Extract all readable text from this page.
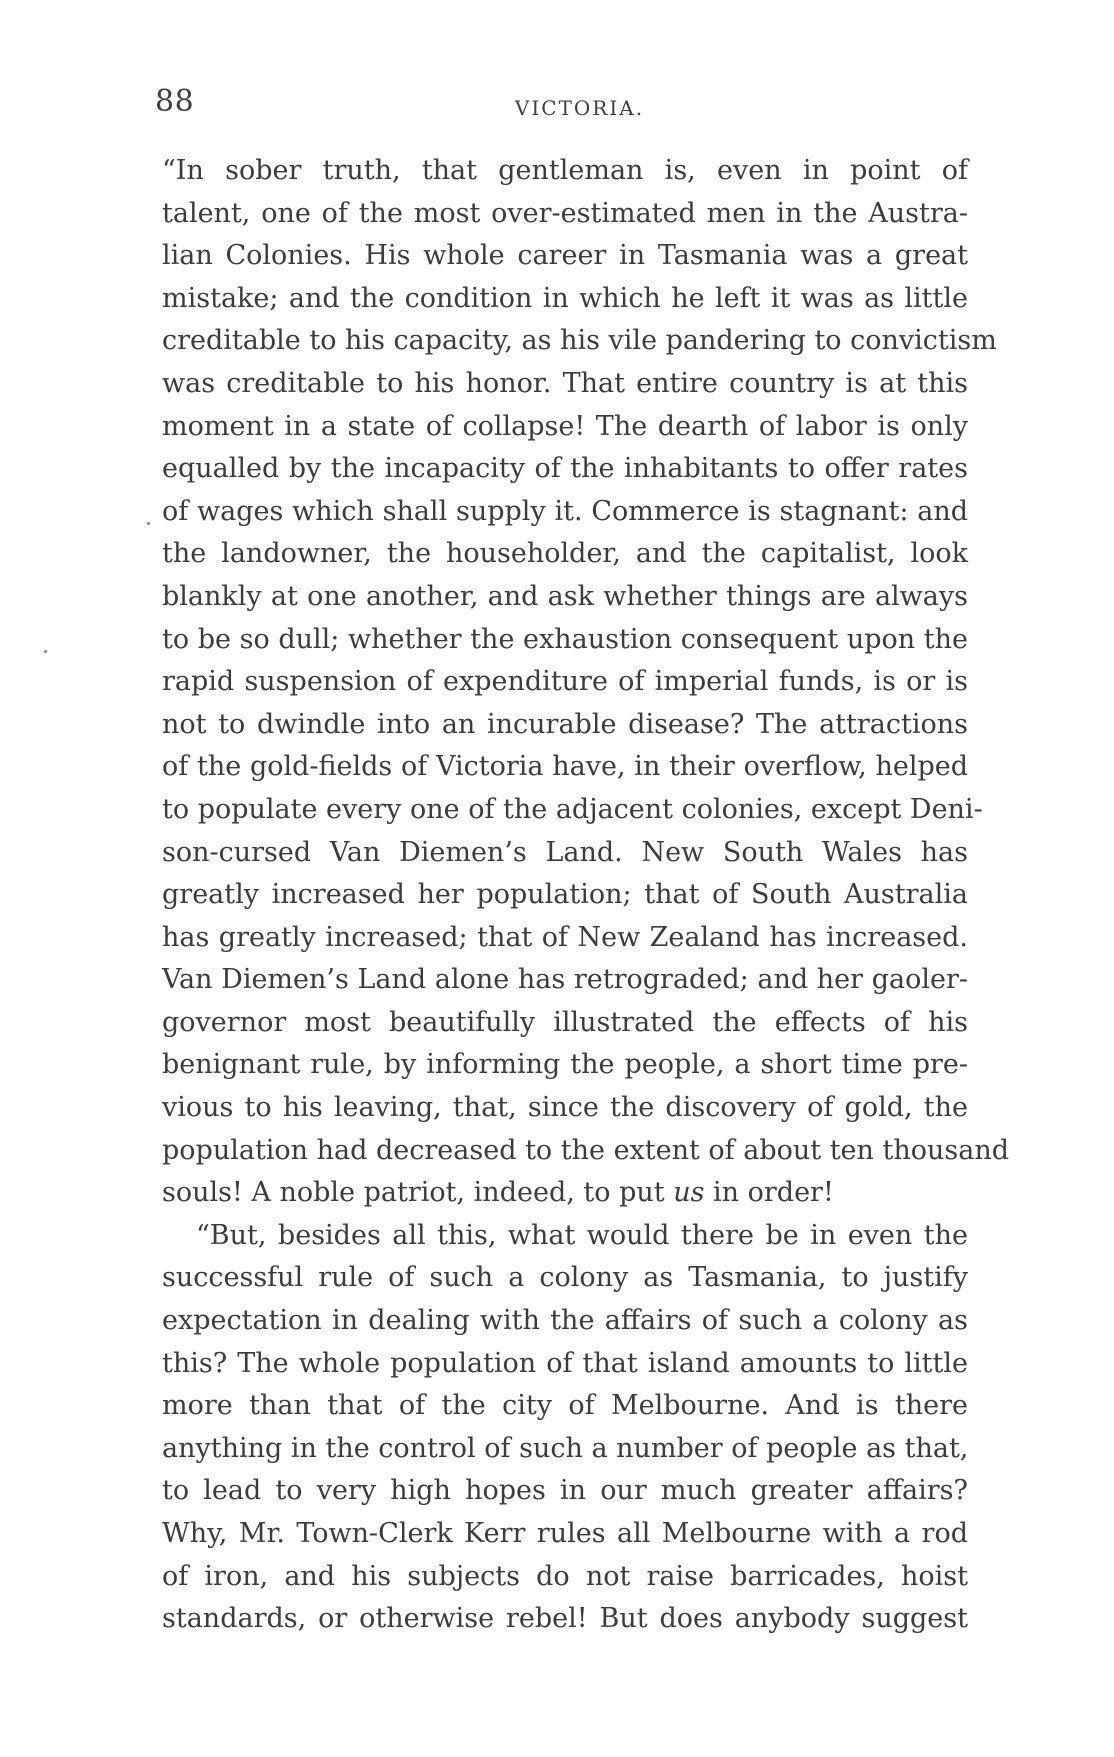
88	VICTORIA.
“In sober truth, that gentleman is, even in point of
talent, one of the most over-estimated men in the Austra-
lian Colonies. His whole career in Tasmania was a great
mistake; and the condition in which he left it was as little
creditable to his capacity, as his vile pandering to convictism
was creditable to his honor. That entire country is at this
moment in a state of collapse! The dearth of labor is only
equalled by the incapacity of the inhabitants to offer rates
of wages which shall supply it. Commerce is stagnant: and
the landowner, the householder, and the capitalist, look
blankly at one another, and ask whether things are always
to be so dull; whether the exhaustion consequent upon the
rapid suspension of expenditure of imperial funds, is or is
not to dwindle into an incurable disease? The attractions
of the gold-fields of Victoria have, in their overflow, helped
to populate every one of the adjacent colonies, except Deni-
son-cursed Van Diemen’s Land. New South Wales has
greatly increased her population; that of South Australia
has greatly increased; that of New Zealand has increased.
Van Diemen’s Land alone has retrograded; and her gaoler-
governor most beautifully illustrated the effects of his
benignant rule, by informing the people, a short time pre-
vious to his leaving, that, since the discovery of gold, the
population had decreased to the extent of about ten thousand
souls! A noble patriot, indeed, to put us in order!
“But, besides all this, what would there be in even the
successful rule of such a colony as Tasmania, to justify
expectation in dealing with the affairs of such a colony as
this? The whole population of that island amounts to little
more than that of the city of Melbourne. And is there
anything in the control of such a number of people as that,
to lead to very high hopes in our much greater affairs?
Why, Mr. Town-Clerk Kerr rules all Melbourne with a rod
of iron, and his subjects do not raise barricades, hoist
standards, or otherwise rebel! But does anybody suggest
